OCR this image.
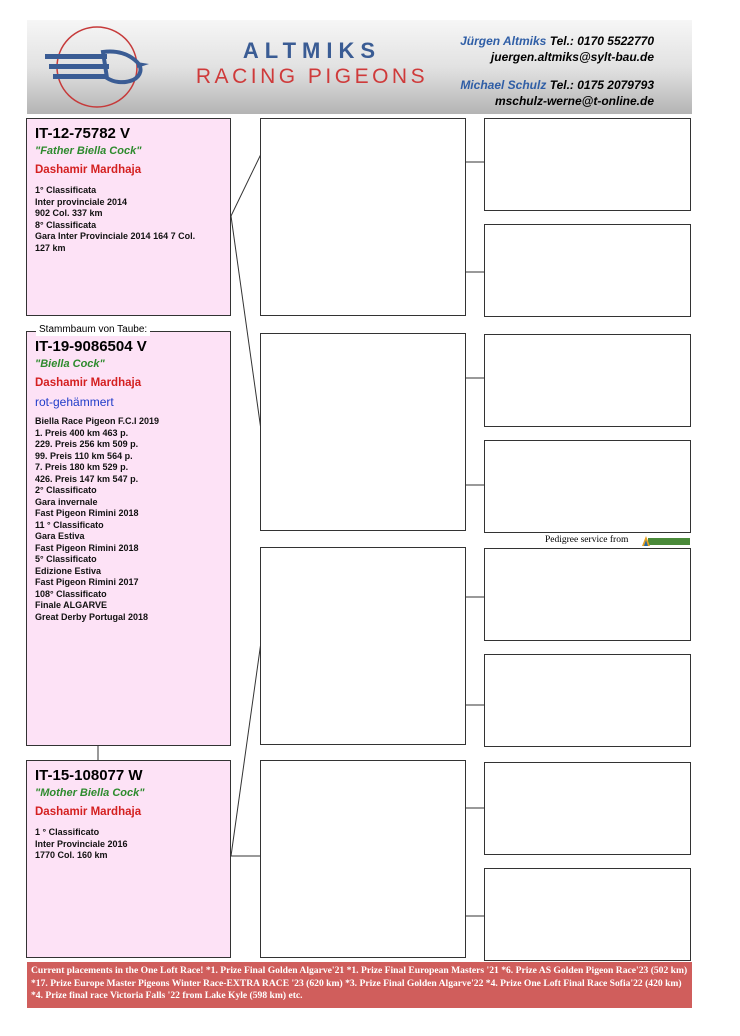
ALTMIKS
RACING PIGEONS
Jürgen Altmiks Tel.: 0170 5522770
juergen.altmiks@sylt-bau.de
Michael Schulz Tel.: 0175 2079793
mschulz-werne@t-online.de
IT-12-75782 V
"Father Biella Cock"
Dashamir Mardhaja
1° Classificata
Inter provinciale 2014
902 Col. 337 km
8° Classificata
Gara Inter Provinciale 2014 164 7 Col.
127 km
IT-19-9086504 V
"Biella Cock"
Dashamir Mardhaja
rot-gehämmert
Biella Race Pigeon F.C.I 2019
1. Preis 400 km 463 p.
229. Preis 256 km 509 p.
99. Preis 110 km 564 p.
7. Preis 180 km 529 p.
426. Preis 147 km 547 p.
2° Classificato
Gara invernale
Fast Pigeon Rimini 2018
11 ° Classificato
Gara Estiva
Fast Pigeon Rimini 2018
5° Classificato
Edizione Estiva
Fast Pigeon Rimini 2017
108° Classificato
Finale ALGARVE
Great Derby Portugal 2018
Stammbaum von Taube:
IT-15-108077 W
"Mother Biella Cock"
Dashamir Mardhaja
1 ° Classificato
Inter Provinciale 2016
1770 Col. 160 km
Pedigree service from
Current placements in the One Loft Race! *1. Prize Final Golden Algarve'21 *1. Prize Final European Masters '21 *6. Prize AS Golden Pigeon Race'23 (502 km) *17. Prize Europe Master Pigeons Winter Race-EXTRA RACE '23 (620 km) *3. Prize Final Golden Algarve'22 *4. Prize One Loft Final Race Sofia'22 (420 km) *4. Prize final race Victoria Falls '22 from Lake Kyle (598 km) etc.
